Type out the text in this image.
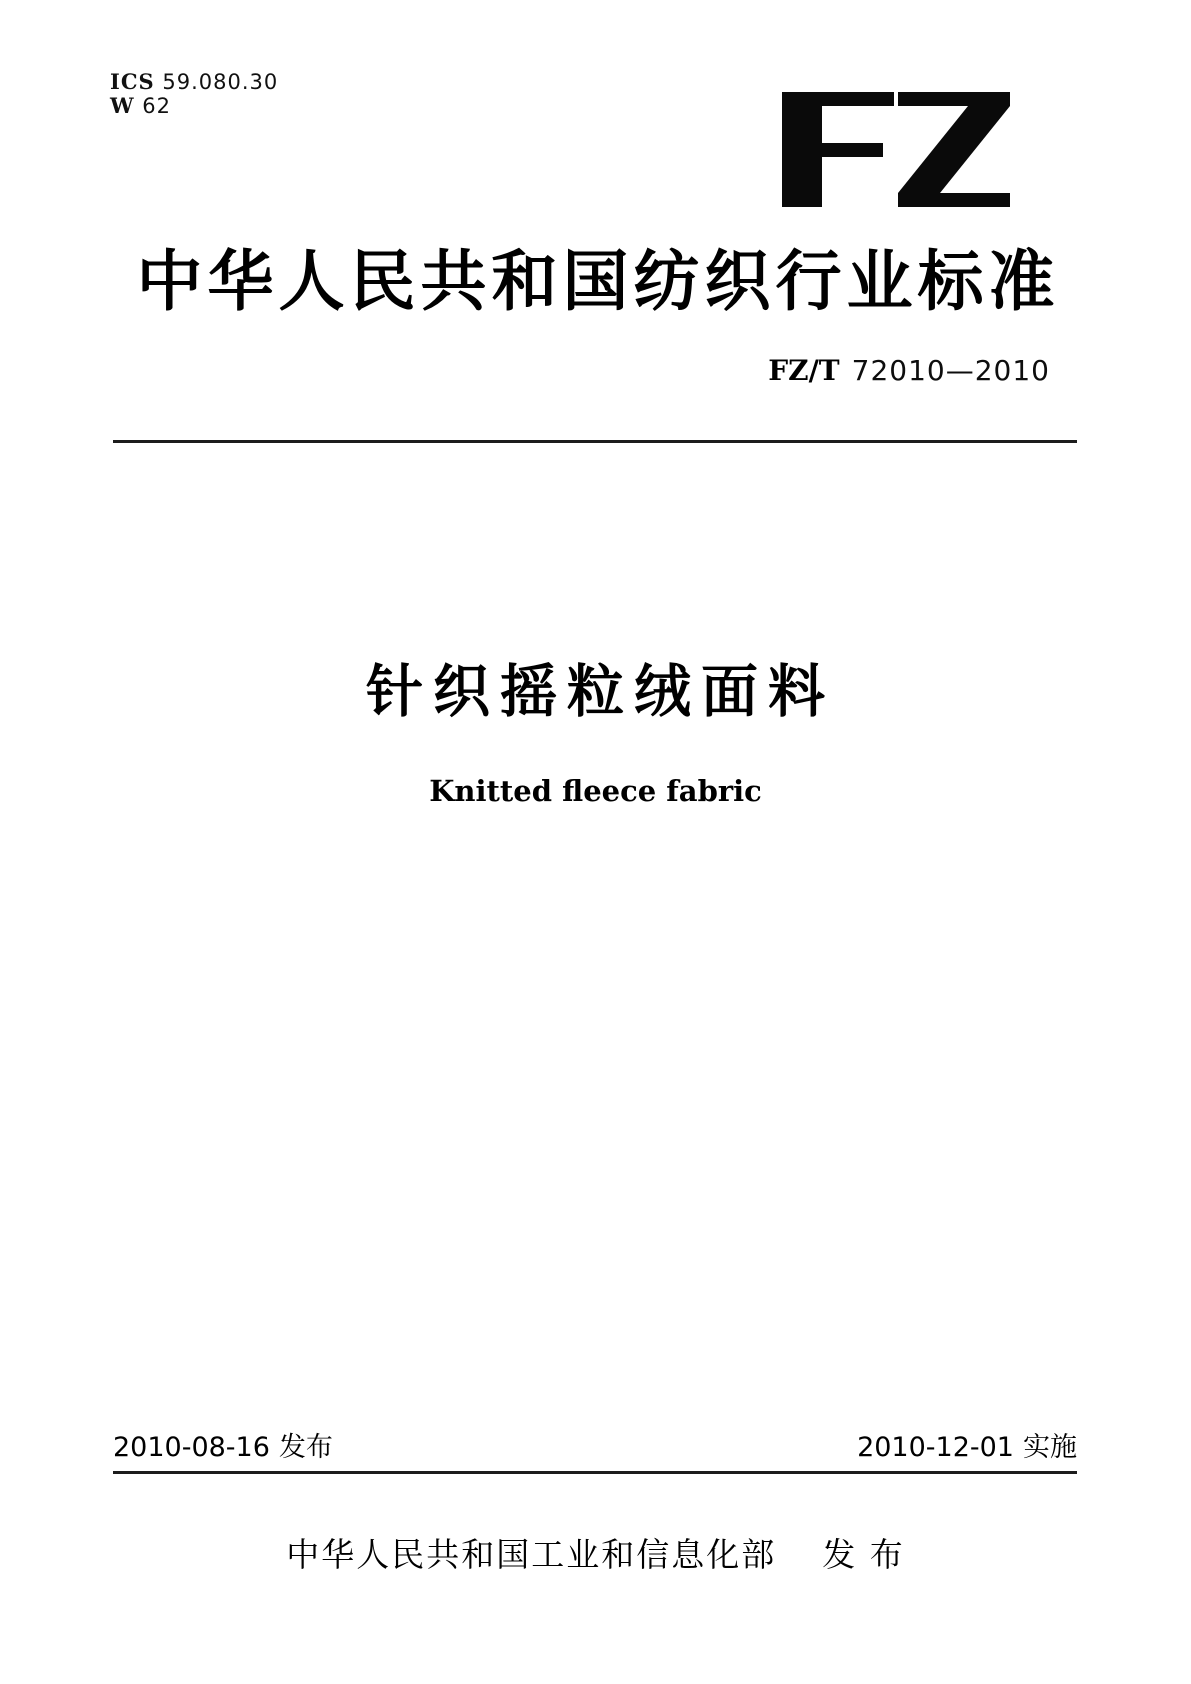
ICS 59.080.30
W 62
中华人民共和国纺织行业标准
FZ/T 72010—2010
针织摇粒绒面料
Knitted fleece fabric
2010-08-16 发布	2010-12-01 实施
中华人民共和国工业和信息化部 发 布
